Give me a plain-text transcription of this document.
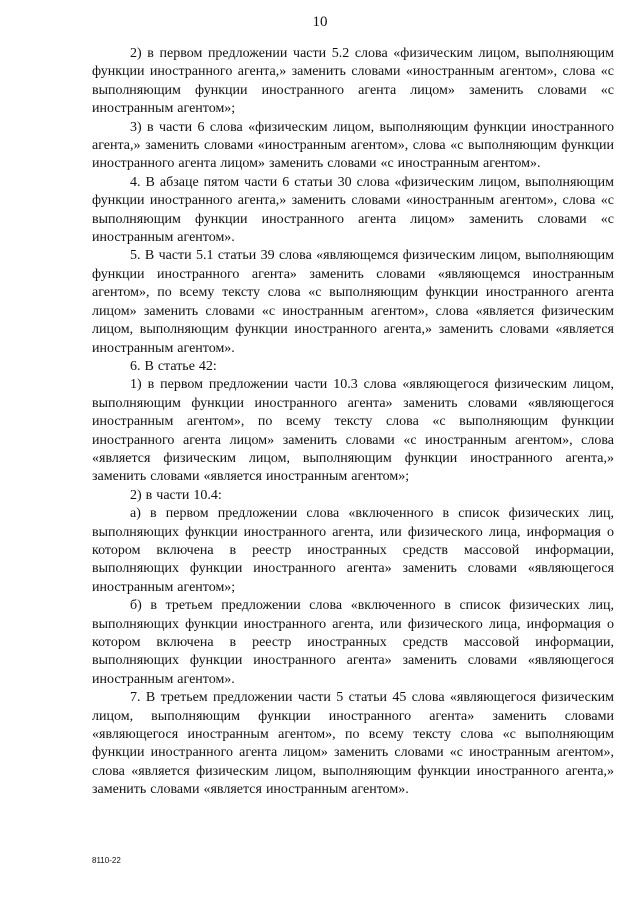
10

2) в первом предложении части 5.2 слова «физическим лицом, выполняющим функции иностранного агента,» заменить словами «иностранным агентом», слова «с выполняющим функции иностранного агента лицом» заменить словами «с иностранным агентом»;

3) в части 6 слова «физическим лицом, выполняющим функции иностранного агента,» заменить словами «иностранным агентом», слова «с выполняющим функции иностранного агента лицом» заменить словами «с иностранным агентом».

4. В абзаце пятом части 6 статьи 30 слова «физическим лицом, выполняющим функции иностранного агента,» заменить словами «иностранным агентом», слова «с выполняющим функции иностранного агента лицом» заменить словами «с иностранным агентом».

5. В части 5.1 статьи 39 слова «являющемся физическим лицом, выполняющим функции иностранного агента» заменить словами «являющемся иностранным агентом», по всему тексту слова «с выполняющим функции иностранного агента лицом» заменить словами «с иностранным агентом», слова «является физическим лицом, выполняющим функции иностранного агента,» заменить словами «является иностранным агентом».

6. В статье 42:

1) в первом предложении части 10.3 слова «являющегося физическим лицом, выполняющим функции иностранного агента» заменить словами «являющегося иностранным агентом», по всему тексту слова «с выполняющим функции иностранного агента лицом» заменить словами «с иностранным агентом», слова «является физическим лицом, выполняющим функции иностранного агента,» заменить словами «является иностранным агентом»;

2) в части 10.4:

а) в первом предложении слова «включенного в список физических лиц, выполняющих функции иностранного агента, или физического лица, информация о котором включена в реестр иностранных средств массовой информации, выполняющих функции иностранного агента» заменить словами «являющегося иностранным агентом»;

б) в третьем предложении слова «включенного в список физических лиц, выполняющих функции иностранного агента, или физического лица, информация о котором включена в реестр иностранных средств массовой информации, выполняющих функции иностранного агента» заменить словами «являющегося иностранным агентом».

7. В третьем предложении части 5 статьи 45 слова «являющегося физическим лицом, выполняющим функции иностранного агента» заменить словами «являющегося иностранным агентом», по всему тексту слова «с выполняющим функции иностранного агента лицом» заменить словами «с иностранным агентом», слова «является физическим лицом, выполняющим функции иностранного агента,» заменить словами «является иностранным агентом».

8110-22
